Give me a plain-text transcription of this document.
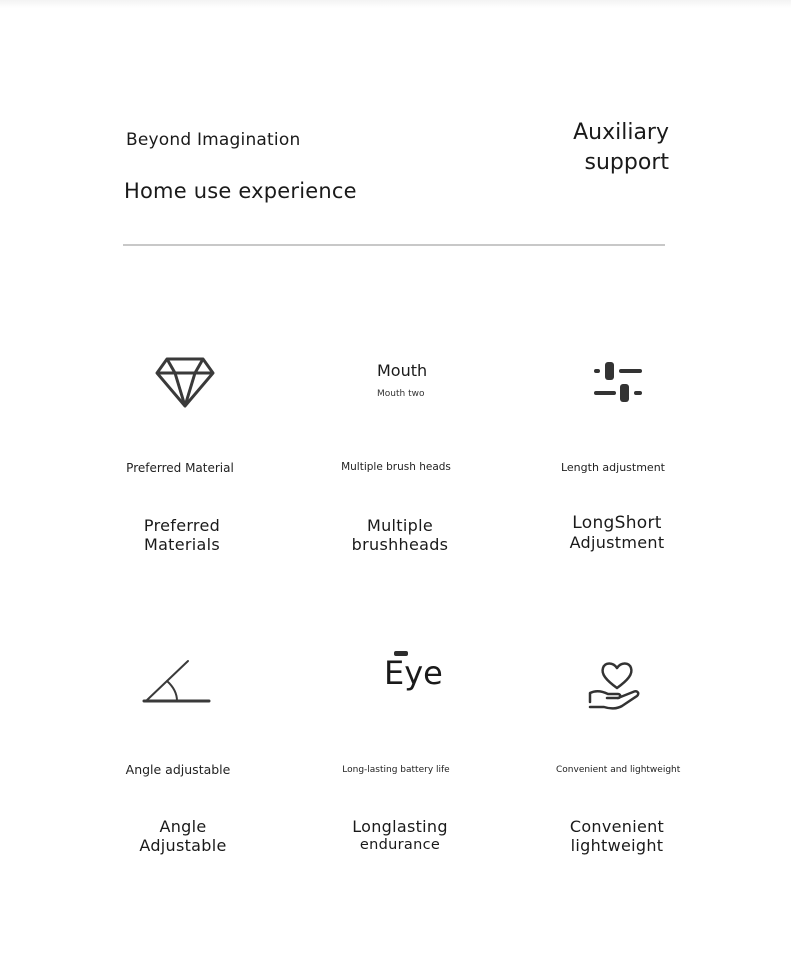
Beyond Imagination
Home use experience
Auxiliary
support
Preferred Material
Preferred
Materials
Mouth
Mouth two
Multiple brush heads
Multiple
brushheads
Length adjustment
LongShort
Adjustment
Angle adjustable
Angle
Adjustable
Eye
Long-lasting battery life
Longlasting
endurance
Convenient and lightweight
Convenient
lightweight
